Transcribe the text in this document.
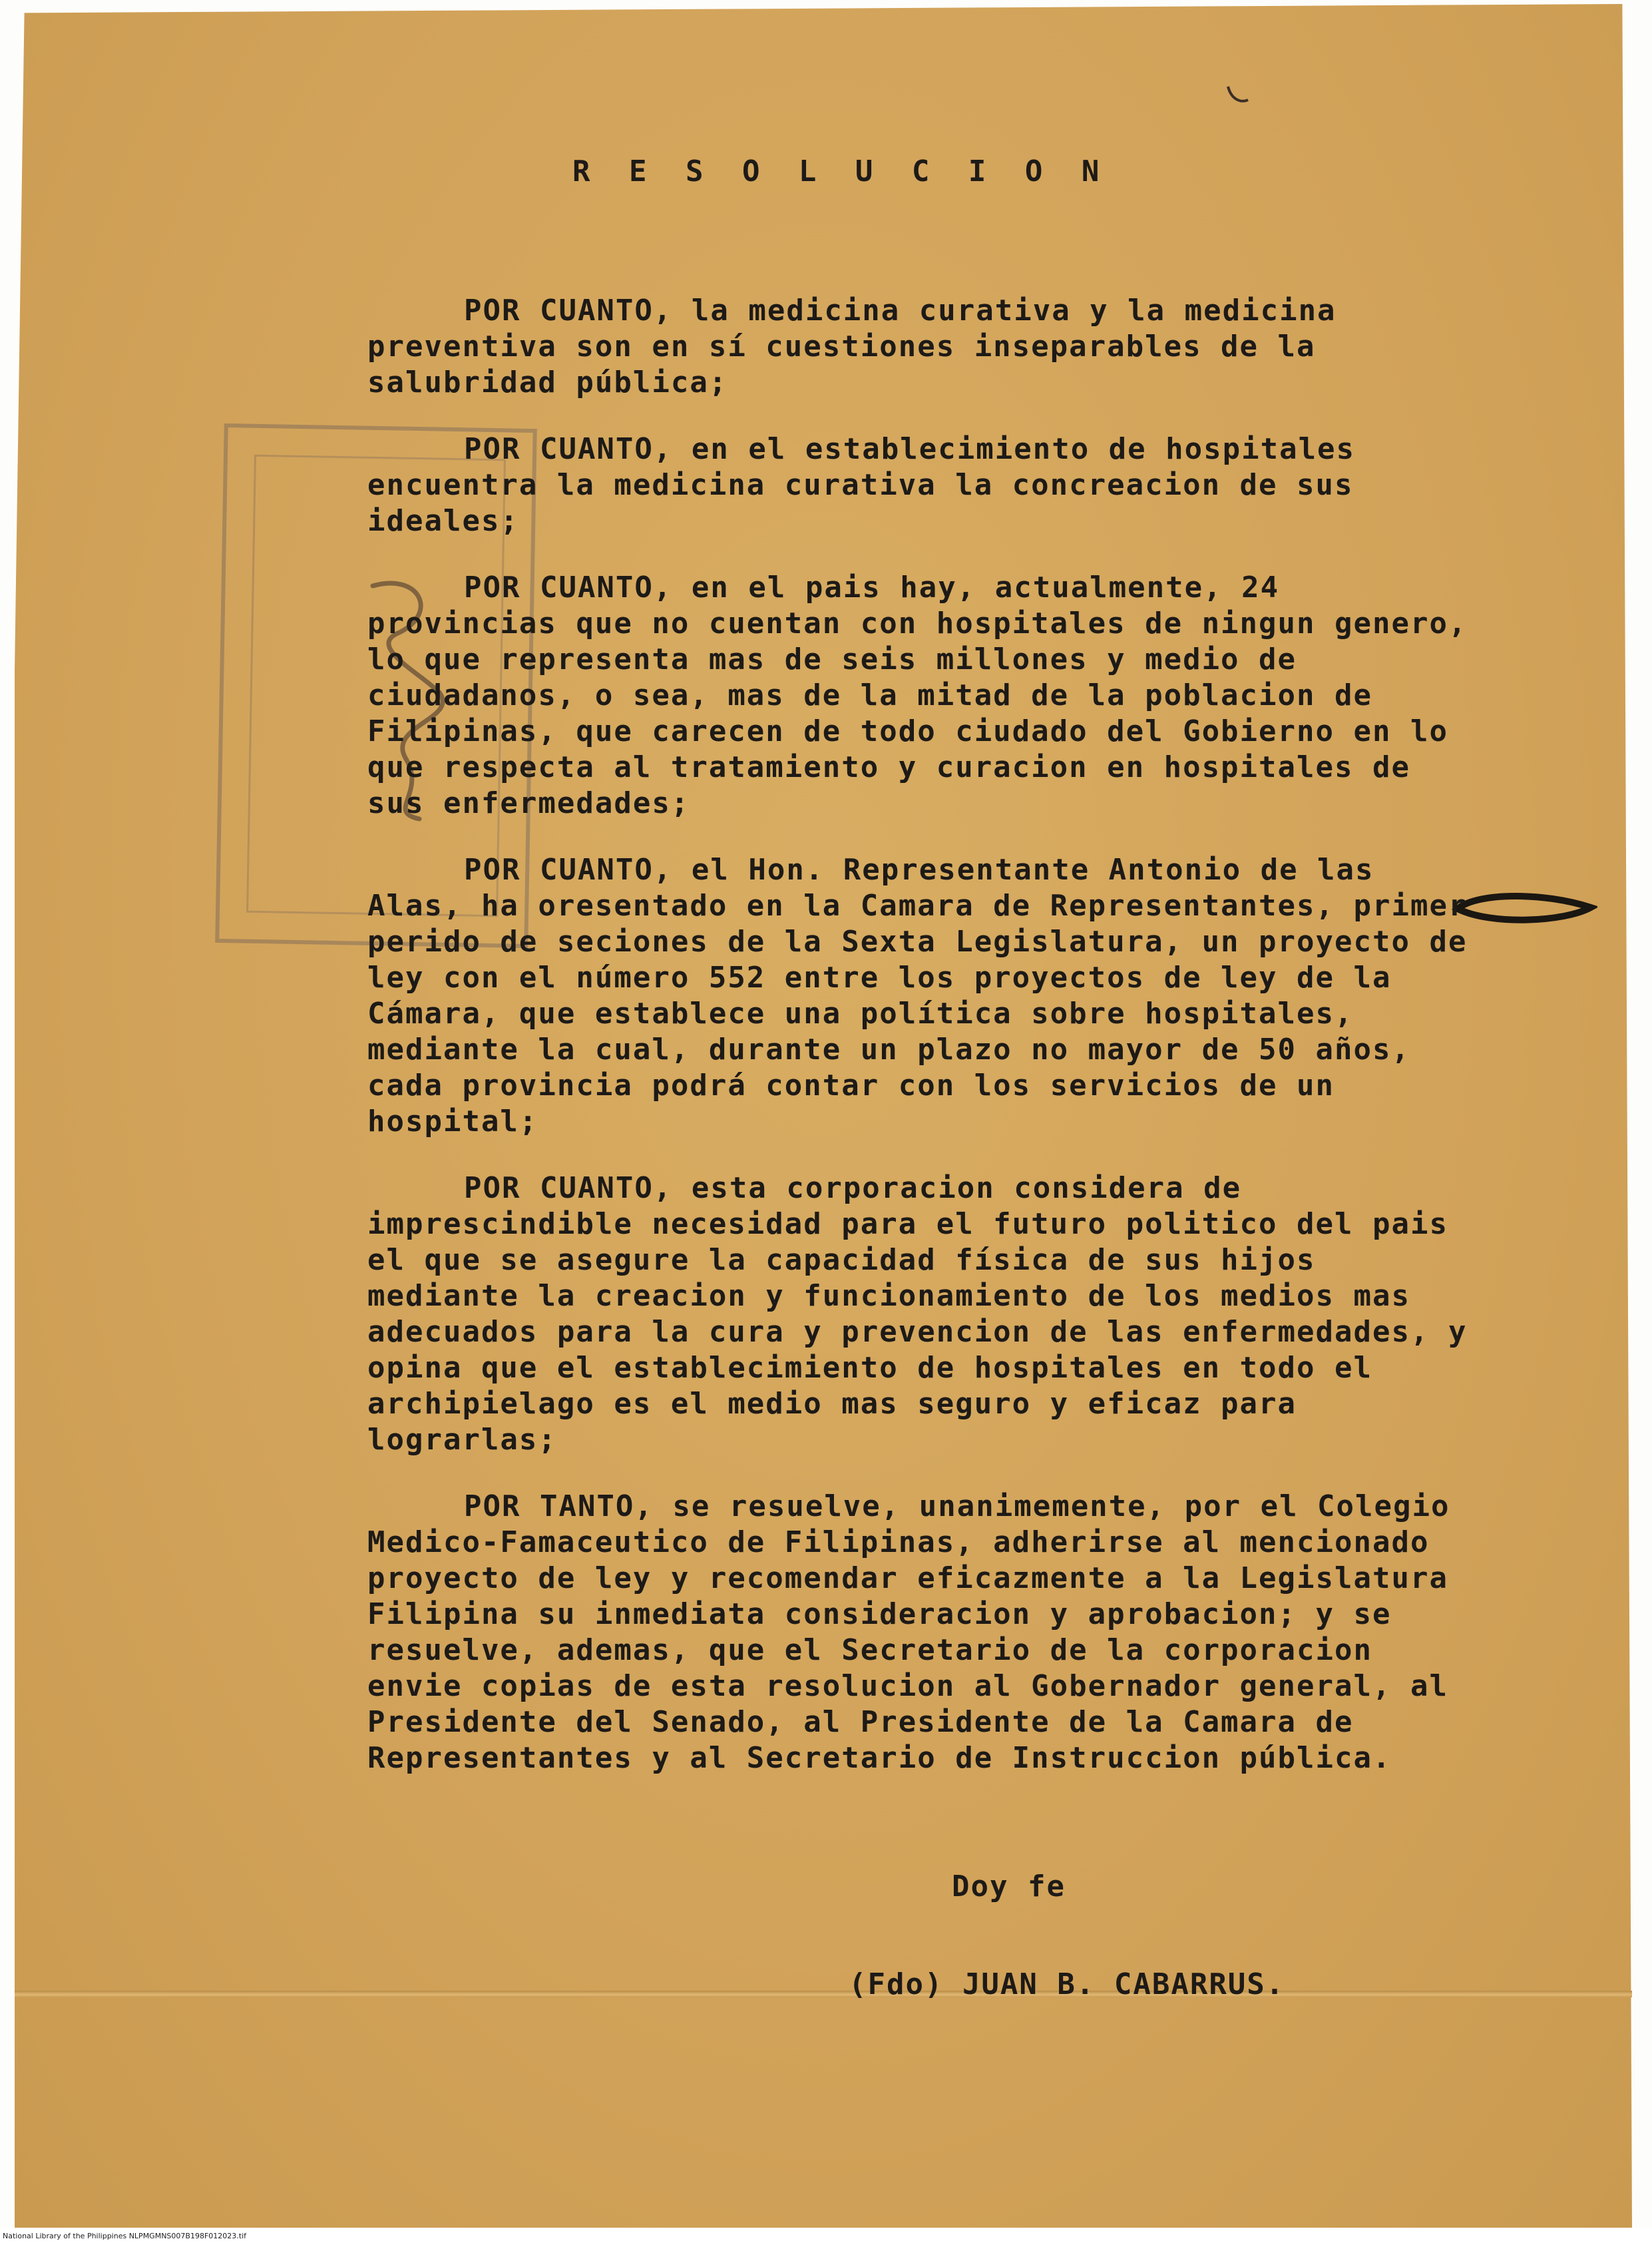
R E S O L U C I O N

POR CUANTO, la medicina curativa y la medicina preventiva son en sí cuestiones inseparables de la salubridad pública;

POR CUANTO, en el establecimiento de hospitales encuentra la medicina curativa la concreacion de sus ideales;

POR CUANTO, en el pais hay, actualmente, 24 provincias que no cuentan con hospitales de ningun genero, lo que representa mas de seis millones y medio de ciudadanos, o sea, mas de la mitad de la poblacion de Filipinas, que carecen de todo ciudado del Gobierno en lo que respecta al tratamiento y curacion en hospitales de sus enfermedades;

POR CUANTO, el Hon. Representante Antonio de las Alas, ha oresentado en la Camara de Representantes, primer perido de seciones de la Sexta Legislatura, un proyecto de ley con el número 552 entre los proyectos de ley de la Cámara, que establece una política sobre hospitales, mediante la cual, durante un plazo no mayor de 50 años, cada provincia podrá contar con los servicios de un hospital;

POR CUANTO, esta corporacion considera de imprescindible necesidad para el futuro politico del pais el que se asegure la capacidad física de sus hijos mediante la creacion y funcionamiento de los medios mas adecuados para la cura y prevencion de las enfermedades, y opina que el establecimiento de hospitales en todo el archipielago es el medio mas seguro y eficaz para lograrlas;

POR TANTO, se resuelve, unanimemente, por el Colegio Medico-Famaceutico de Filipinas, adherirse al mencionado proyecto de ley y recomendar eficazmente a la Legislatura Filipina su inmediata consideracion y aprobacion; y se resuelve, ademas, que el Secretario de la corporacion envie copias de esta resolucion al Gobernador general, al Presidente del Senado, al Presidente de la Camara de Representantes y al Secretario de Instruccion pública.

Doy fe
(Fdo) JUAN B. CABARRUS.
National Library of the Philippines NLPMGMNS007B198F012023.tif
